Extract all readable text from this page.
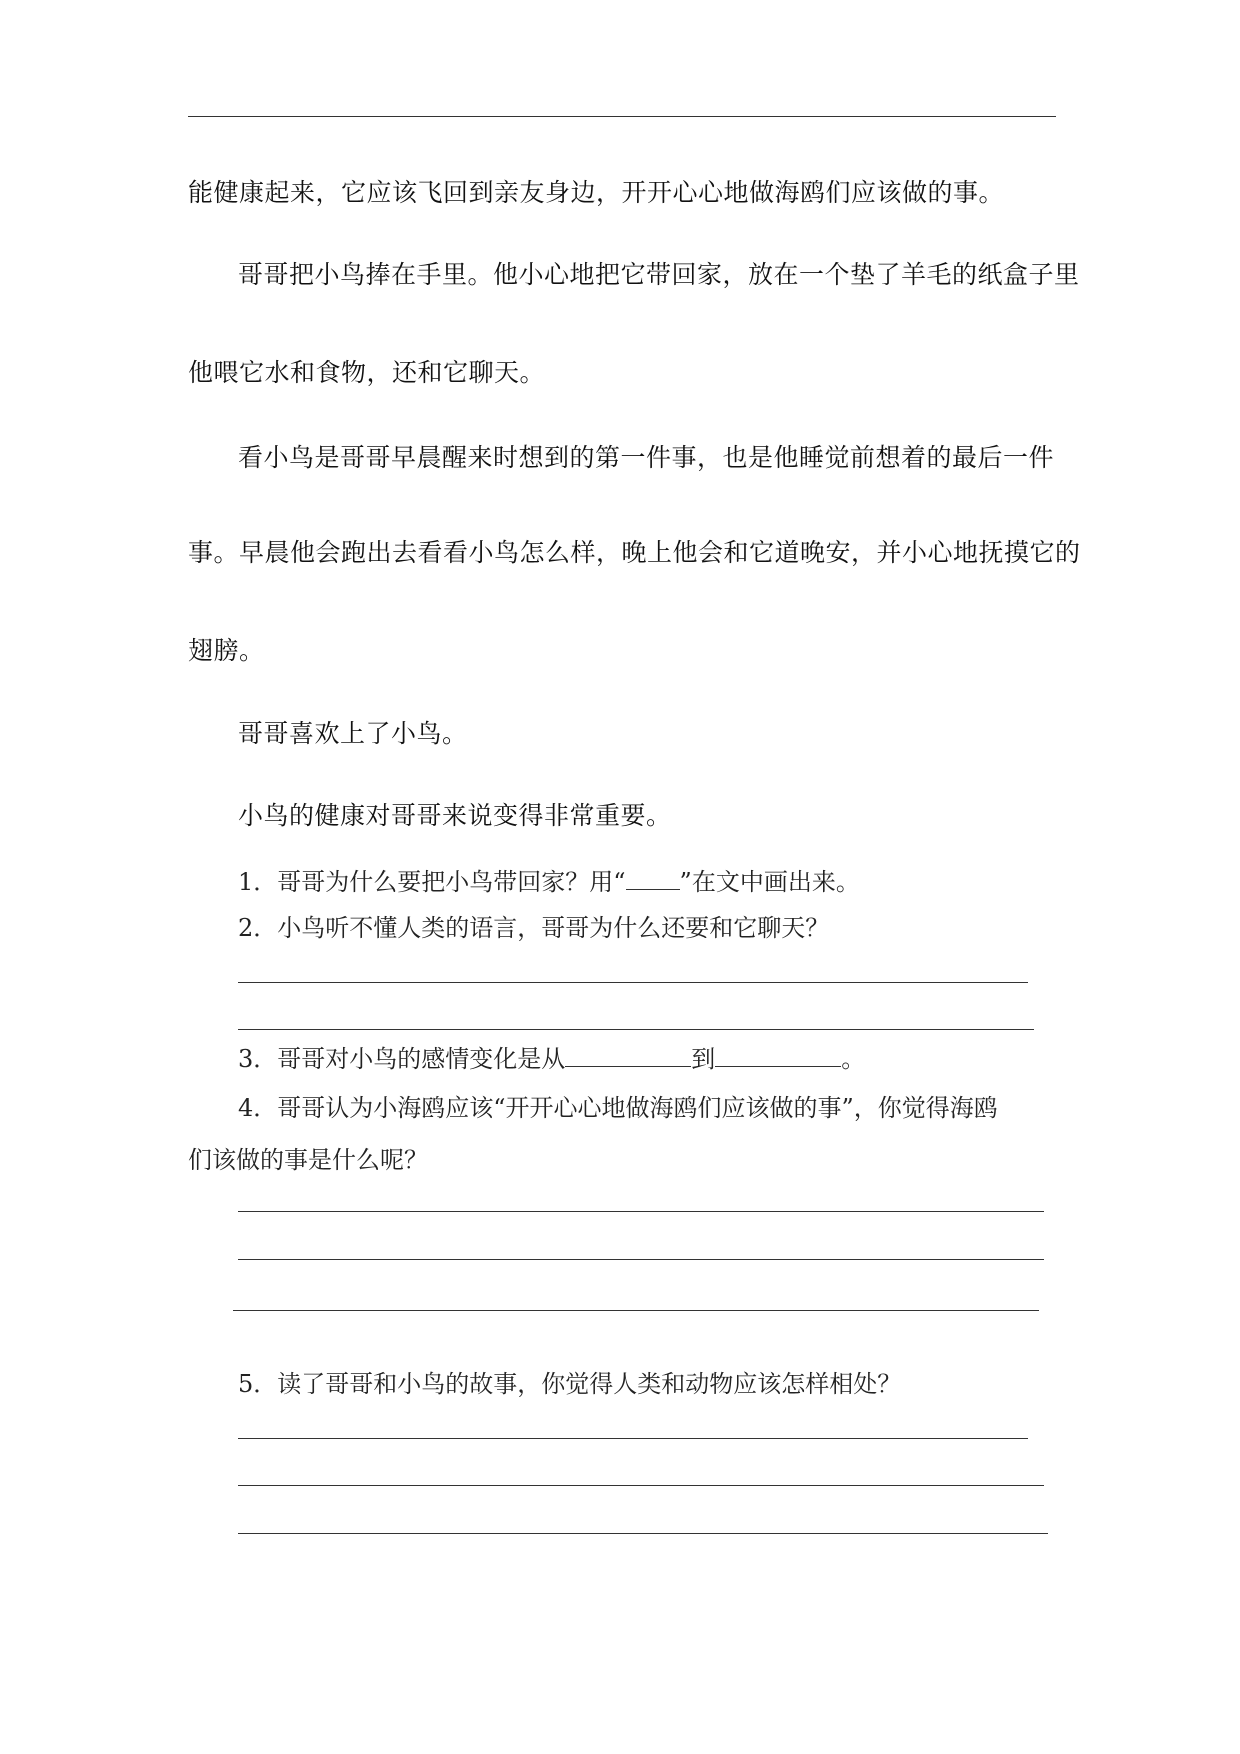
能健康起来，它应该飞回到亲友身边，开开心心地做海鸥们应该做的事。
哥哥把小鸟捧在手里。他小心地把它带回家，放在一个垫了羊毛的纸盒子里
他喂它水和食物，还和它聊天。
看小鸟是哥哥早晨醒来时想到的第一件事，也是他睡觉前想着的最后一件
事。早晨他会跑出去看看小鸟怎么样，晚上他会和它道晚安，并小心地抚摸它的
翅膀。
哥哥喜欢上了小鸟。
小鸟的健康对哥哥来说变得非常重要。
1．哥哥为什么要把小鸟带回家？用“ ”在文中画出来。
2．小鸟听不懂人类的语言，哥哥为什么还要和它聊天？
3．哥哥对小鸟的感情变化是从	到	。
4．哥哥认为小海鸥应该“开开心心地做海鸥们应该做的事”，你觉得海鸥
们该做的事是什么呢？
5．读了哥哥和小鸟的故事，你觉得人类和动物应该怎样相处？
